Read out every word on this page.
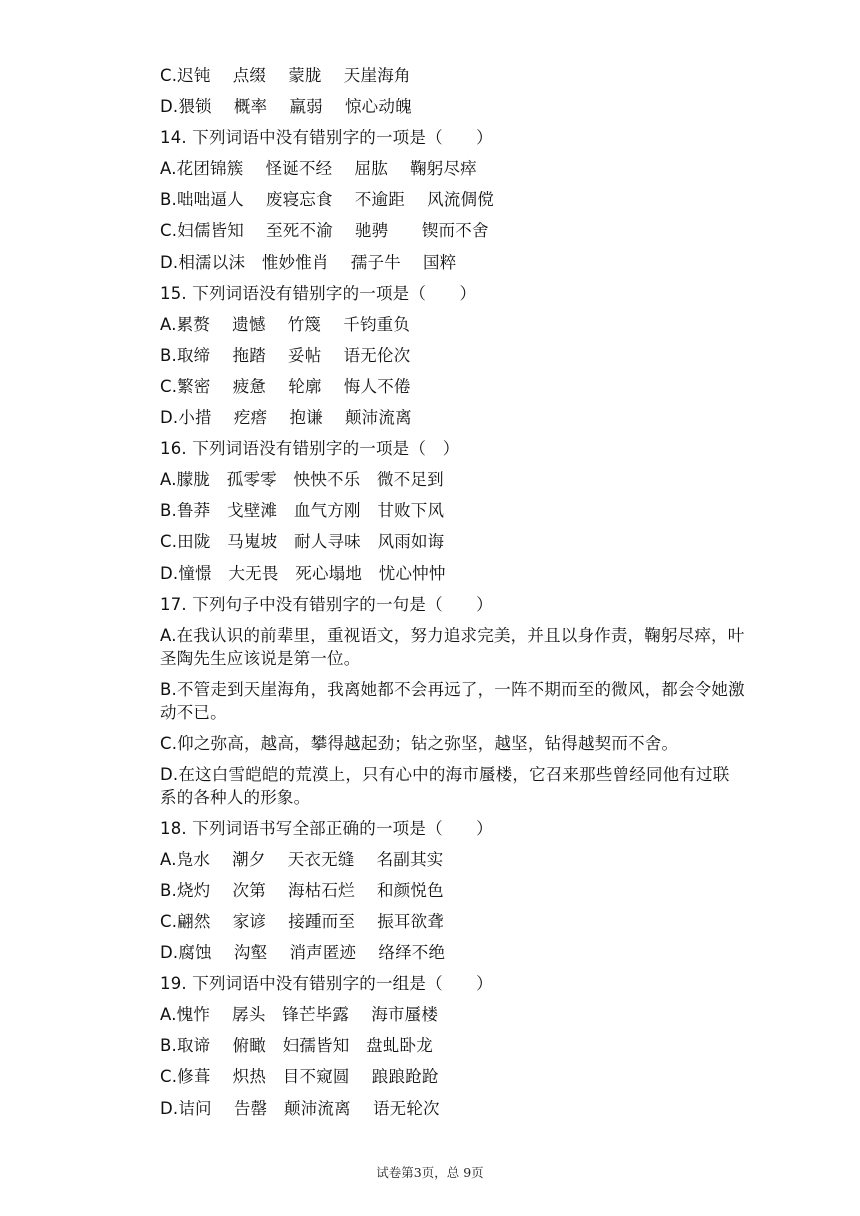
C.迟钝　 点缀　 蒙胧　 天崖海角
D.猥锁　 概率　 羸弱　 惊心动魄
14. 下列词语中没有错别字的一项是（　　）
A.花团锦簇　 怪诞不经　 屈肱　 鞠躬尽瘁
B.咄咄逼人　 废寝忘食　 不逾距　 风流倜傥
C.妇儒皆知　 至死不渝　 驰骋　　锲而不舍
D.相濡以沫　惟妙惟肖　 孺子牛　 国粹
15. 下列词语没有错别字的一项是（　　）
A.累赘　 遗憾　 竹篾　 千钧重负
B.取缔　 拖踏　 妥帖　 语无伦次
C.繁密　 疲惫　 轮廓　 悔人不倦
D.小措　 疙瘩　 抱谦　 颠沛流离
16. 下列词语没有错别字的一项是（　）
A.朦胧　孤零零　怏怏不乐　微不足到
B.鲁莽　戈壁滩　血气方刚　甘败下风
C.田陇　马嵬坡　耐人寻味　风雨如诲
D.憧憬　大无畏　死心塌地　忧心忡忡
17. 下列句子中没有错别字的一句是（　　）
A.在我认识的前辈里，重视语文，努力追求完美，并且以身作责，鞠躬尽瘁，叶圣陶先生应该说是第一位。
B.不管走到天崖海角，我离她都不会再远了，一阵不期而至的微风，都会令她激动不已。
C.仰之弥高，越高，攀得越起劲；钻之弥坚，越坚，钻得越契而不舍。
D.在这白雪皑皑的荒漠上，只有心中的海市蜃楼，它召来那些曾经同他有过联系的各种人的形象。
18. 下列词语书写全部正确的一项是（　　）
A.凫水　 潮夕　 天衣无缝　 名副其实
B.烧灼　 次第　 海枯石烂　 和颜悦色
C.翩然　 家谚　 接踵而至　 振耳欲聋
D.腐蚀　 沟壑　 消声匿迹　 络绎不绝
19. 下列词语中没有错别字的一组是（　　）
A.愧怍　 孱头　锋芒毕露　 海市蜃楼
B.取谛　 俯瞰　妇孺皆知　盘虬卧龙
C.修葺　 炽热　目不窥圆　 踉踉跄跄
D.诘问　 告罄　颠沛流离　 语无轮次
试卷第3页，总 9页
